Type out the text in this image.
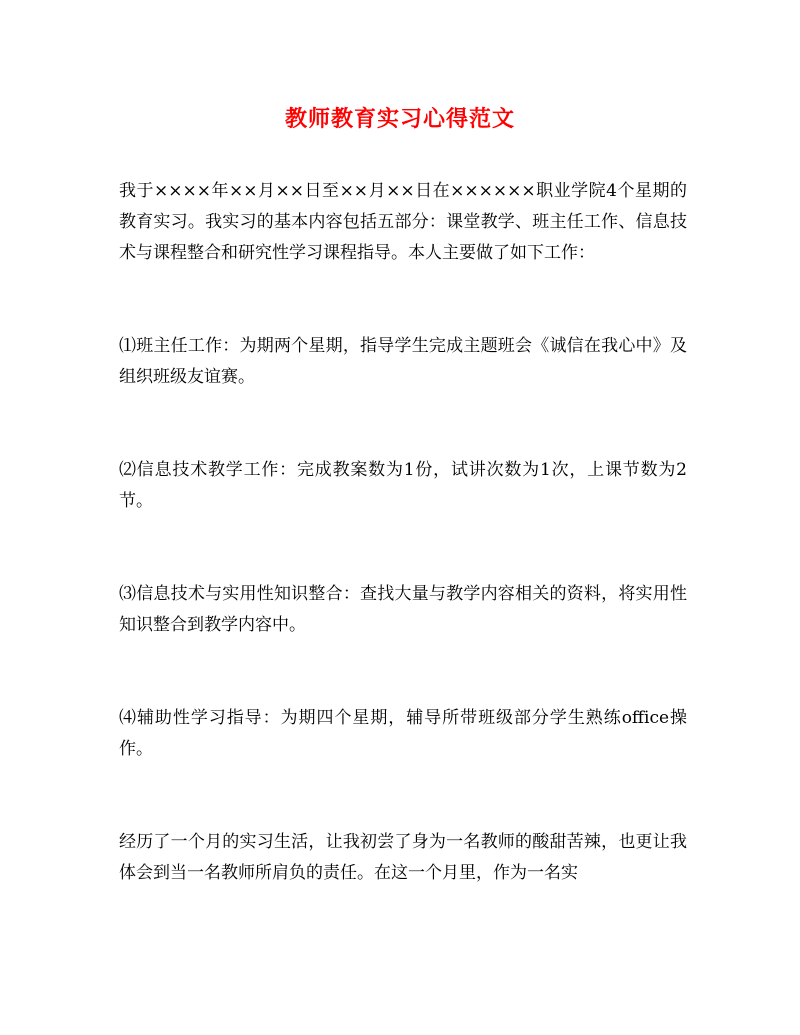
教师教育实习心得范文

我于××××年××月××日至××月××日在××××××职业学院4个星期的教育实习。我实习的基本内容包括五部分：课堂教学、班主任工作、信息技术与课程整合和研究性学习课程指导。本人主要做了如下工作：

⑴班主任工作：为期两个星期，指导学生完成主题班会《诚信在我心中》及组织班级友谊赛。

⑵信息技术教学工作：完成教案数为1份，试讲次数为1次，上课节数为2节。

⑶信息技术与实用性知识整合：查找大量与教学内容相关的资料，将实用性知识整合到教学内容中。

⑷辅助性学习指导：为期四个星期，辅导所带班级部分学生熟练office操作。

经历了一个月的实习生活，让我初尝了身为一名教师的酸甜苦辣，也更让我体会到当一名教师所肩负的责任。在这一个月里，作为一名实
